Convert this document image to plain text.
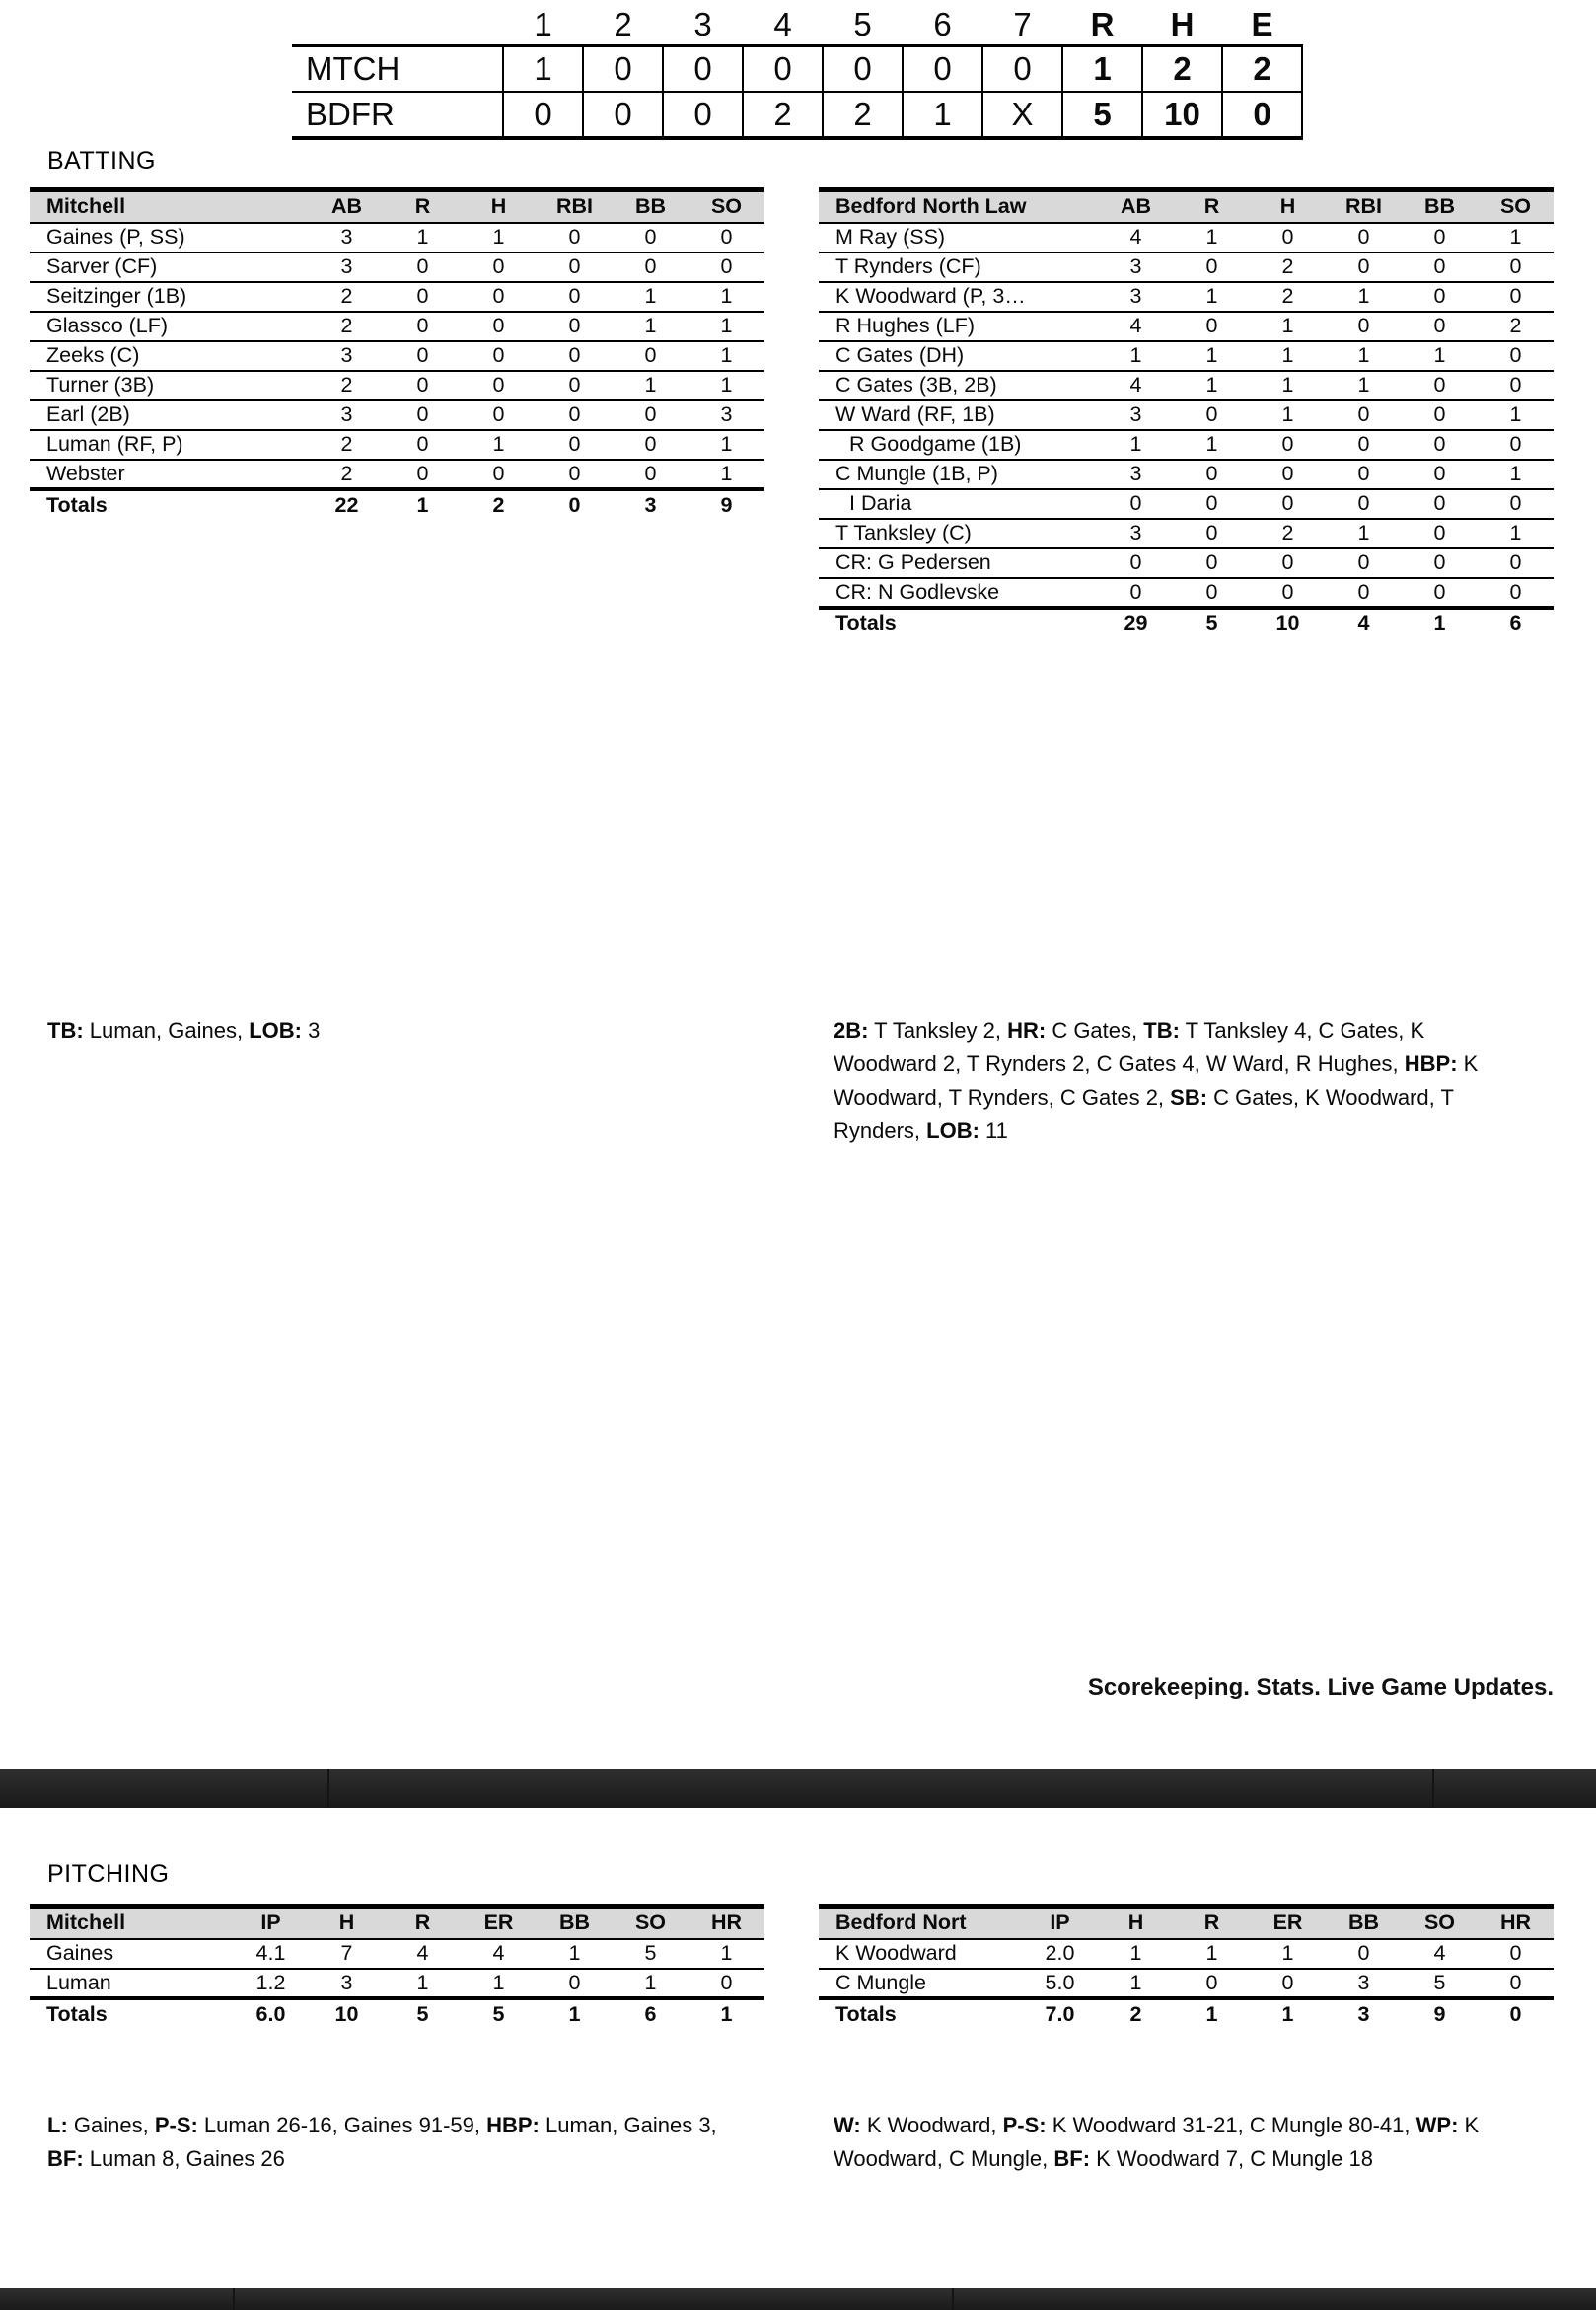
	1	2	3	4	5	6	7	R	H	E
MTCH	1	0	0	0	0	0	0	1	2	2
BDFR	0	0	0	2	2	1	X	5	10	0
BATTING
Mitchell	AB	R	H	RBI	BB	SO
Gaines (P, SS)	3	1	1	0	0	0
Sarver (CF)	3	0	0	0	0	0
Seitzinger (1B)	2	0	0	0	1	1
Glassco (LF)	2	0	0	0	1	1
Zeeks (C)	3	0	0	0	0	1
Turner (3B)	2	0	0	0	1	1
Earl (2B)	3	0	0	0	0	3
Luman (RF, P)	2	0	1	0	0	1
Webster	2	0	0	0	0	1
Totals	22	1	2	0	3	9
Bedford North Law	AB	R	H	RBI	BB	SO
M Ray (SS)	4	1	0	0	0	1
T Rynders (CF)	3	0	2	0	0	0
K Woodward (P, 3…	3	1	2	1	0	0
R Hughes (LF)	4	0	1	0	0	2
C Gates (DH)	1	1	1	1	1	0
C Gates (3B, 2B)	4	1	1	1	0	0
W Ward (RF, 1B)	3	0	1	0	0	1
R Goodgame (1B)	1	1	0	0	0	0
C Mungle (1B, P)	3	0	0	0	0	1
I Daria	0	0	0	0	0	0
T Tanksley (C)	3	0	2	1	0	1
CR: G Pedersen	0	0	0	0	0	0
CR: N Godlevske	0	0	0	0	0	0
Totals	29	5	10	4	1	6
TB: Luman, Gaines, LOB: 3	2B: T Tanksley 2, HR: C Gates, TB: T Tanksley 4, C Gates, K Woodward 2, T Rynders 2, C Gates 4, W Ward, R Hughes, HBP: K Woodward, T Rynders, C Gates 2, SB: C Gates, K Woodward, T Rynders, LOB: 11
Scorekeeping. Stats. Live Game Updates.
PITCHING
Mitchell	IP	H	R	ER	BB	SO	HR
Gaines	4.1	7	4	4	1	5	1
Luman	1.2	3	1	1	0	1	0
Totals	6.0	10	5	5	1	6	1
Bedford Nort	IP	H	R	ER	BB	SO	HR
K Woodward	2.0	1	1	1	0	4	0
C Mungle	5.0	1	0	0	3	5	0
Totals	7.0	2	1	1	3	9	0
L: Gaines, P-S: Luman 26-16, Gaines 91-59, HBP: Luman, Gaines 3, BF: Luman 8, Gaines 26
W: K Woodward, P-S: K Woodward 31-21, C Mungle 80-41, WP: K Woodward, C Mungle, BF: K Woodward 7, C Mungle 18
